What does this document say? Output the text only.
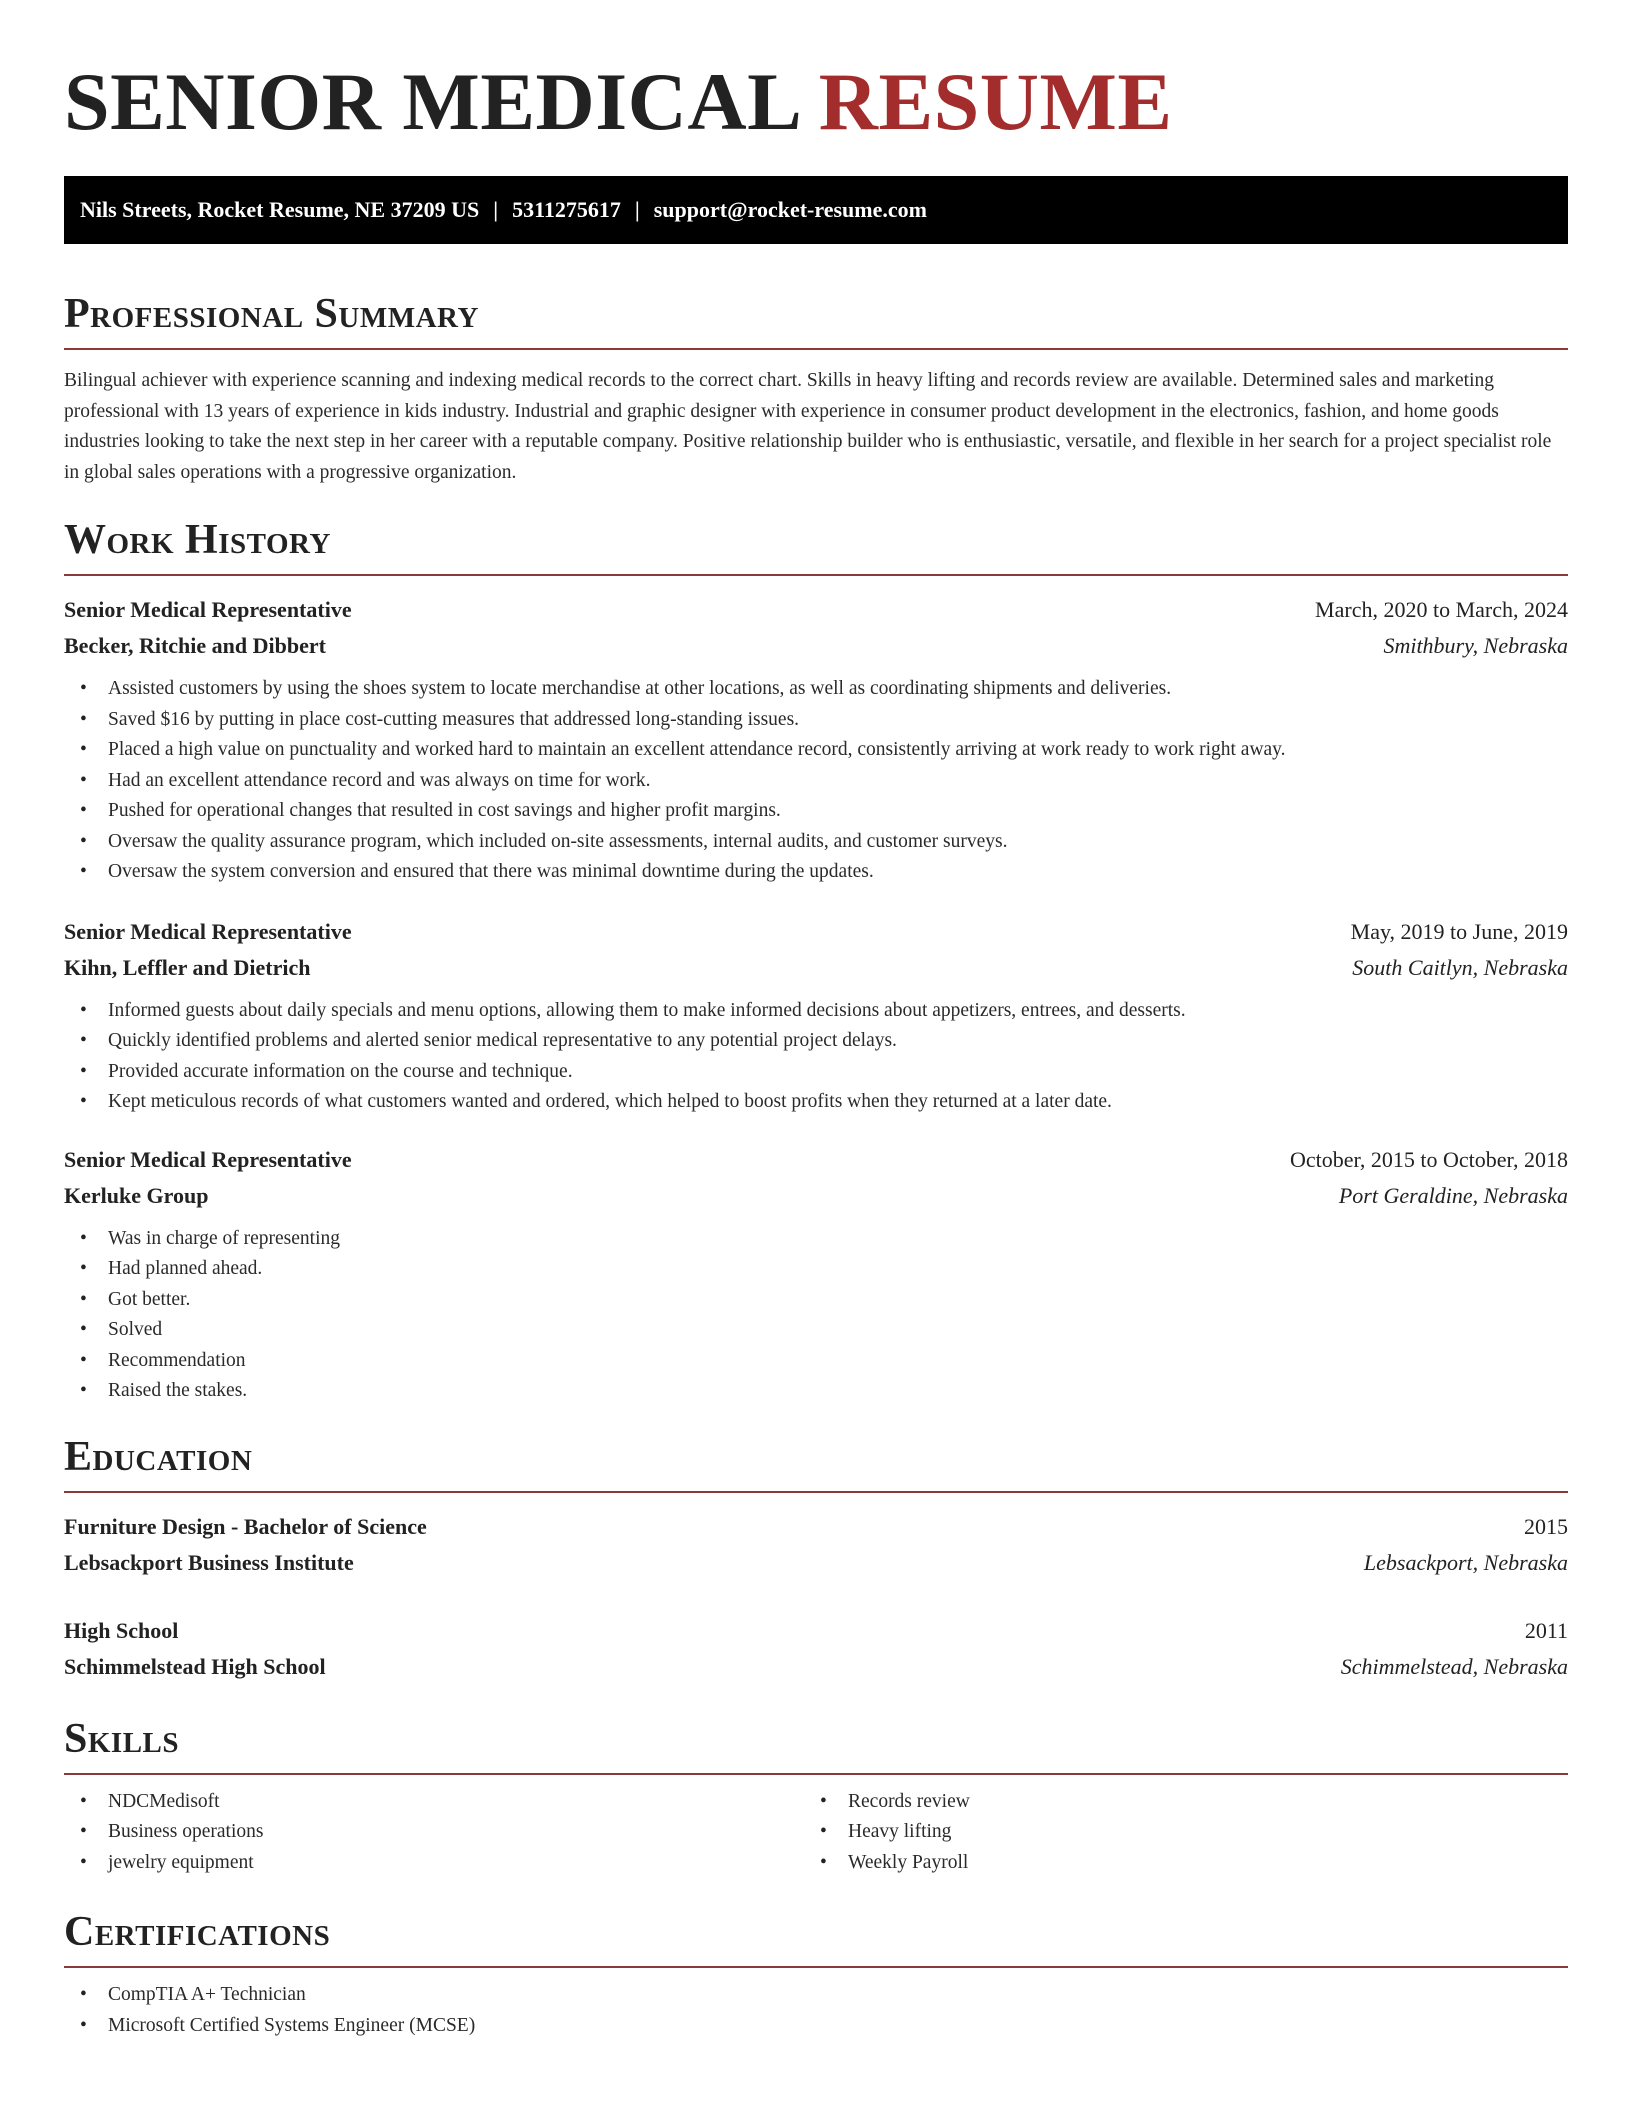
SENIOR MEDICAL RESUME
Nils Streets, Rocket Resume, NE 37209 US | 5311275617 | support@rocket-resume.com
Professional Summary

Bilingual achiever with experience scanning and indexing medical records to the correct chart. Skills in heavy lifting and records review are available. Determined sales and marketing professional with 13 years of experience in kids industry. Industrial and graphic designer with experience in consumer product development in the electronics, fashion, and home goods industries looking to take the next step in her career with a reputable company. Positive relationship builder who is enthusiastic, versatile, and flexible in her search for a project specialist role in global sales operations with a progressive organization.

Work History
Senior Medical Representative	March, 2020 to March, 2024
Becker, Ritchie and Dibbert	Smithbury, Nebraska
• Assisted customers by using the shoes system to locate merchandise at other locations, as well as coordinating shipments and deliveries.
• Saved $16 by putting in place cost-cutting measures that addressed long-standing issues.
• Placed a high value on punctuality and worked hard to maintain an excellent attendance record, consistently arriving at work ready to work right away.
• Had an excellent attendance record and was always on time for work.
• Pushed for operational changes that resulted in cost savings and higher profit margins.
• Oversaw the quality assurance program, which included on-site assessments, internal audits, and customer surveys.
• Oversaw the system conversion and ensured that there was minimal downtime during the updates.
Senior Medical Representative	May, 2019 to June, 2019
Kihn, Leffler and Dietrich	South Caitlyn, Nebraska
• Informed guests about daily specials and menu options, allowing them to make informed decisions about appetizers, entrees, and desserts.
• Quickly identified problems and alerted senior medical representative to any potential project delays.
• Provided accurate information on the course and technique.
• Kept meticulous records of what customers wanted and ordered, which helped to boost profits when they returned at a later date.
Senior Medical Representative	October, 2015 to October, 2018
Kerluke Group	Port Geraldine, Nebraska
• Was in charge of representing
• Had planned ahead.
• Got better.
• Solved
• Recommendation
• Raised the stakes.
Education
Furniture Design - Bachelor of Science	2015
Lebsackport Business Institute	Lebsackport, Nebraska
High School	2011
Schimmelstead High School	Schimmelstead, Nebraska
Skills
• NDCMedisoft
• Business operations
• jewelry equipment
• Records review
• Heavy lifting
• Weekly Payroll
Certifications
• CompTIA A+ Technician
• Microsoft Certified Systems Engineer (MCSE)
